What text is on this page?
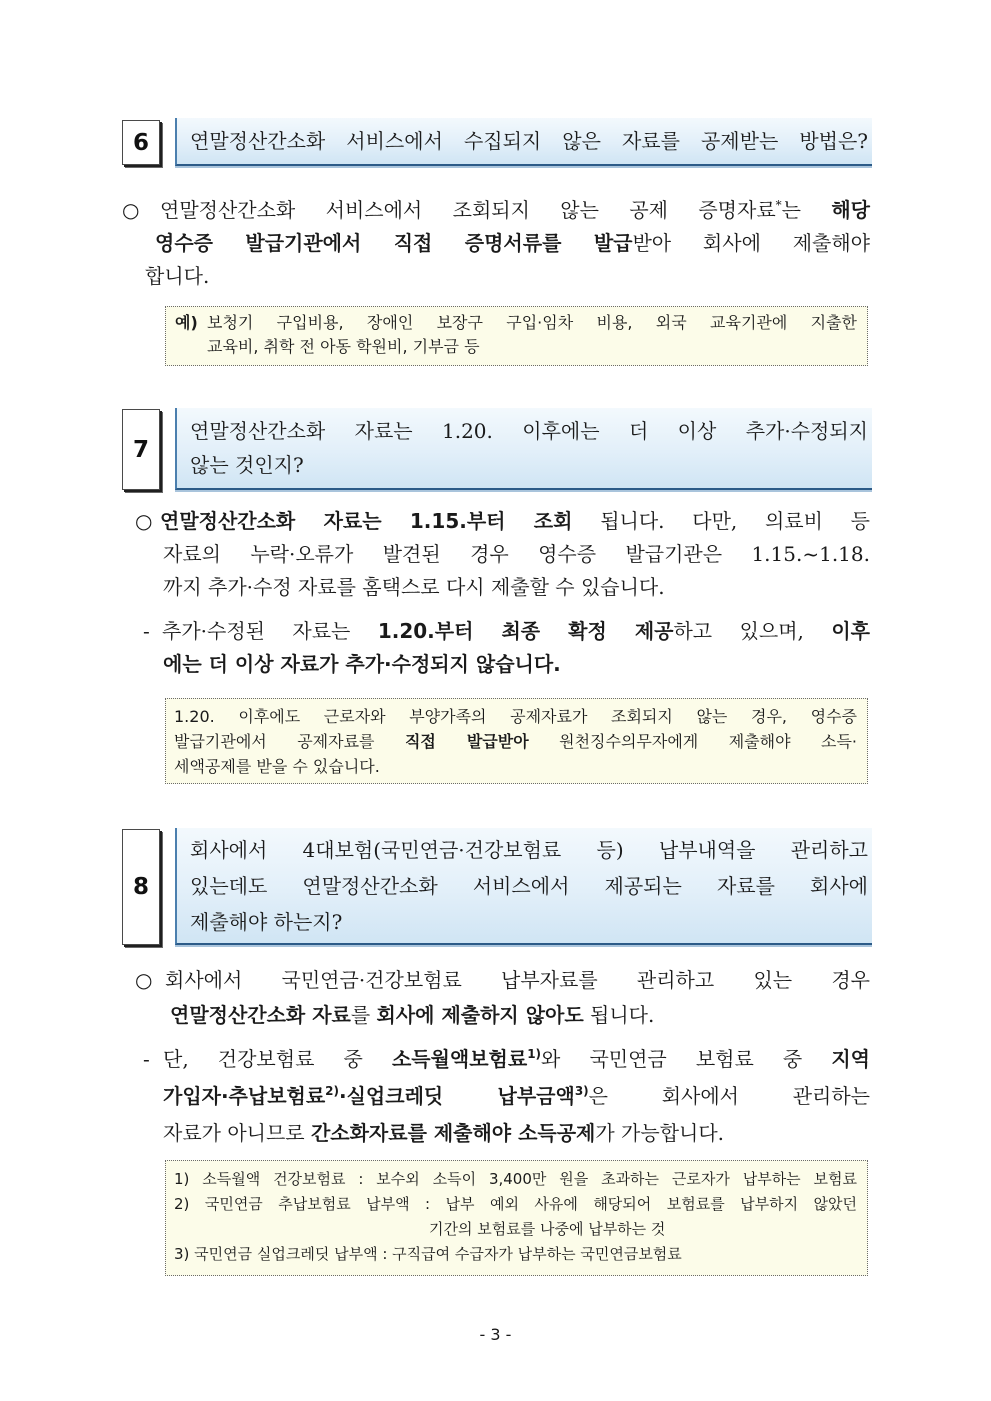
6	연말정산간소화 서비스에서 수집되지 않은 자료를 공제받는 방법은?
○ 연말정산간소화 서비스에서 조회되지 않는 공제 증명자료*는 해당
영수증 발급기관에서 직접 증명서류를 발급받아 회사에 제출해야
합니다.
예) 보청기 구입비용, 장애인 보장구 구입·임차 비용, 외국 교육기관에 지출한
교육비, 취학 전 아동 학원비, 기부금 등
7
연말정산간소화 자료는 1.20. 이후에는 더 이상 추가·수정되지
않는 것인지?
○ 연말정산간소화 자료는 1.15.부터 조회 됩니다. 다만, 의료비 등
자료의 누락·오류가 발견된 경우 영수증 발급기관은 1.15.~1.18.
까지 추가·수정 자료를 홈택스로 다시 제출할 수 있습니다.
- 추가·수정된 자료는 1.20.부터 최종 확정 제공하고 있으며, 이후
에는 더 이상 자료가 추가·수정되지 않습니다.
1.20. 이후에도 근로자와 부양가족의 공제자료가 조회되지 않는 경우, 영수증
발급기관에서 공제자료를 직접 발급받아 원천징수의무자에게 제출해야 소득·
세액공제를 받을 수 있습니다.
8
회사에서 4대보험(국민연금·건강보험료 등) 납부내역을 관리하고
있는데도 연말정산간소화 서비스에서 제공되는 자료를 회사에
제출해야 하는지?
○ 회사에서 국민연금·건강보험료 납부자료를 관리하고 있는 경우
연말정산간소화 자료를 회사에 제출하지 않아도 됩니다.
- 단, 건강보험료 중 소득월액보험료$^{1)}$와 국민연금 보험료 중 지역
가입자·추납보험료$^{2)}$·실업크레딧 납부금액$^{3)}$은 회사에서 관리하는
자료가 아니므로 간소화자료를 제출해야 소득공제가 가능합니다.
1) 소득월액 건강보험료 : 보수외 소득이 3,400만 원을 초과하는 근로자가 납부하는 보험료
2) 국민연금 추납보험료 납부액 : 납부 예외 사유에 해당되어 보험료를 납부하지 않았던
기간의 보험료를 나중에 납부하는 것
3) 국민연금 실업크레딧 납부액 : 구직급여 수급자가 납부하는 국민연금보험료
- 3 -
